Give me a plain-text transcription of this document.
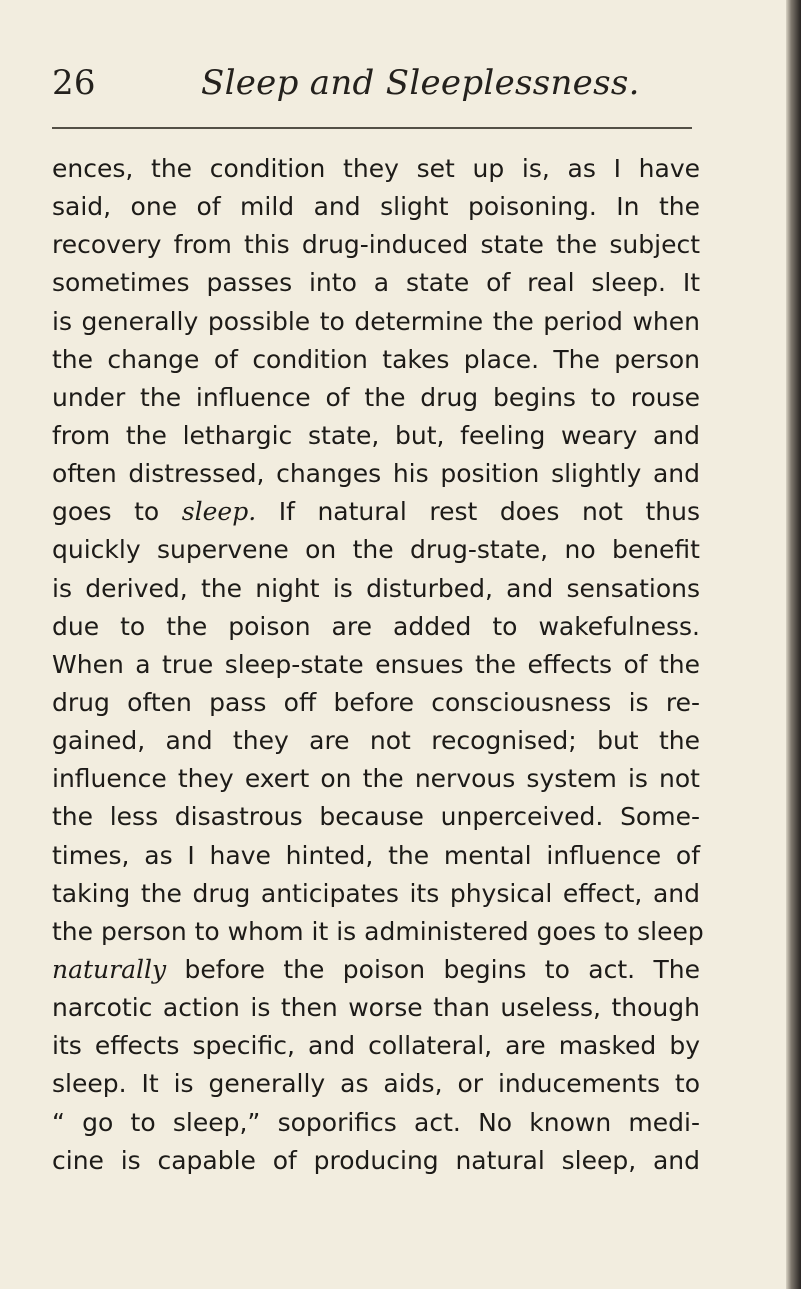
26	Sleep and Sleeplessness.
ences, the condition they set up is, as I have
said, one of mild and slight poisoning. In the
recovery from this drug-induced state the subject
sometimes passes into a state of real sleep. It
is generally possible to determine the period when
the change of condition takes place. The person
under the influence of the drug begins to rouse
from the lethargic state, but, feeling weary and
often distressed, changes his position slightly and
goes to sleep. If natural rest does not thus
quickly supervene on the drug-state, no benefit
is derived, the night is disturbed, and sensations
due to the poison are added to wakefulness.
When a true sleep-state ensues the effects of the
drug often pass off before consciousness is re-
gained, and they are not recognised; but the
influence they exert on the nervous system is not
the less disastrous because unperceived. Some-
times, as I have hinted, the mental influence of
taking the drug anticipates its physical effect, and
the person to whom it is administered goes to sleep
naturally before the poison begins to act. The
narcotic action is then worse than useless, though
its effects specific, and collateral, are masked by
sleep. It is generally as aids, or inducements to
“ go to sleep,” soporifics act. No known medi-
cine is capable of producing natural sleep, and
